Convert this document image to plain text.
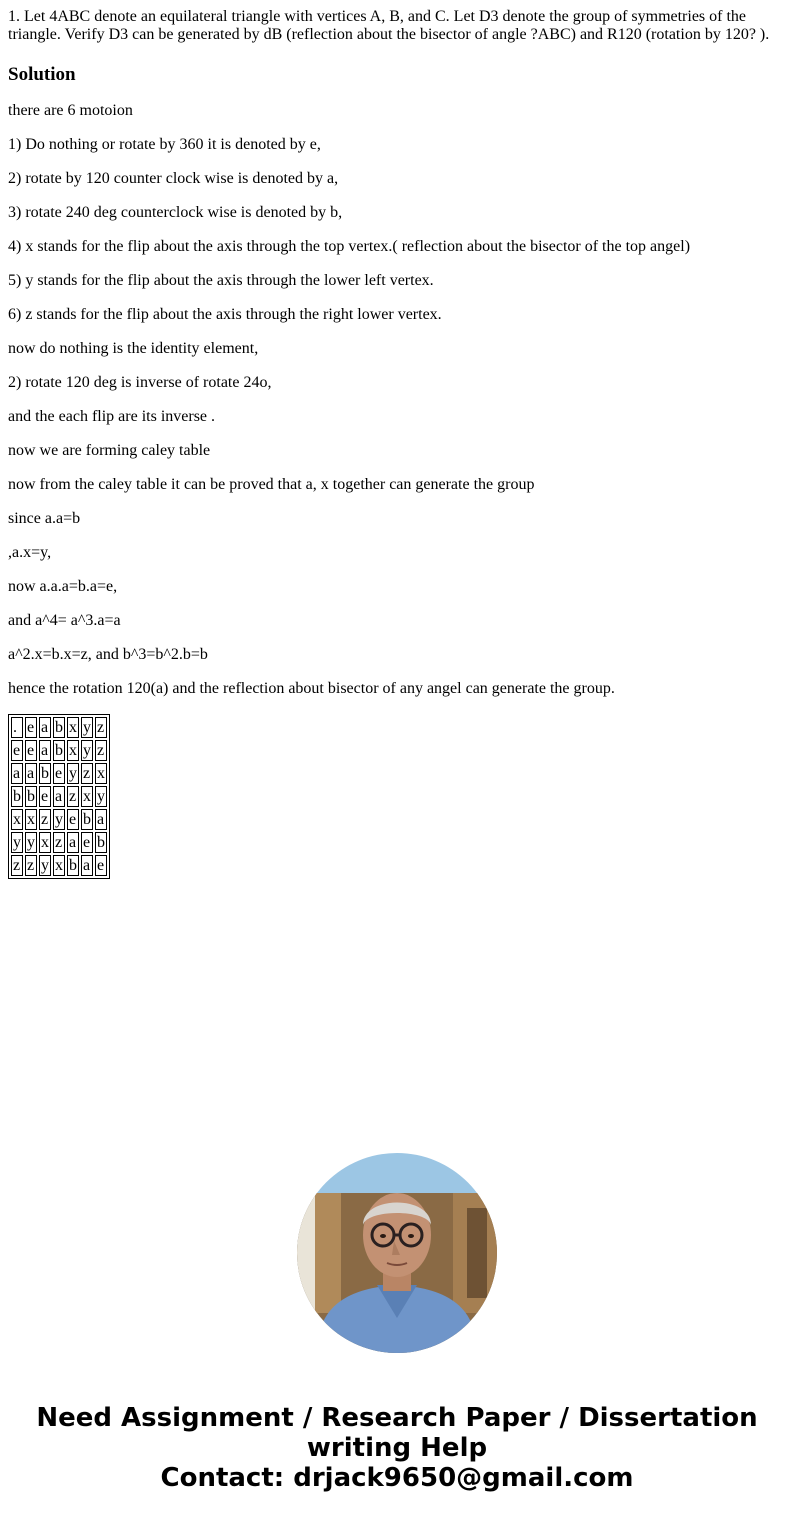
1. Let 4ABC denote an equilateral triangle with vertices A, B, and C. Let D3 denote the group of symmetries of the triangle. Verify D3 can be generated by dB (reflection about the bisector of angle ?ABC) and R120 (rotation by 120? ).

Solution

there are 6 motoion

1) Do nothing or rotate by 360 it is denoted by e,

2) rotate by 120 counter clock wise is denoted by a,

3) rotate 240 deg counterclock wise is denoted by b,

4) x stands for the flip about the axis through the top vertex.( reflection about the bisector of the top angel)

5) y stands for the flip about the axis through the lower left vertex.

6) z stands for the flip about the axis through the right lower vertex.

now do nothing is the identity element,

2) rotate 120 deg is inverse of rotate 24o,

and the each flip are its inverse .

now we are forming caley table

now from the caley table it can be proved that a, x together can generate the group

since a.a=b

,a.x=y,

now a.a.a=b.a=e,

and a^4= a^3.a=a

a^2.x=b.x=z, and b^3=b^2.b=b

hence the rotation 120(a) and the reflection about bisector of any angel can generate the group.

.	e	a	b	x	y	z
e	e	a	b	x	y	z
a	a	b	e	y	z	x
b	b	e	a	z	x	y
x	x	z	y	e	b	a
y	y	x	z	a	e	b
z	z	y	x	b	a	e
Need Assignment / Research Paper / Dissertation
writing Help
Contact: drjack9650@gmail.com
